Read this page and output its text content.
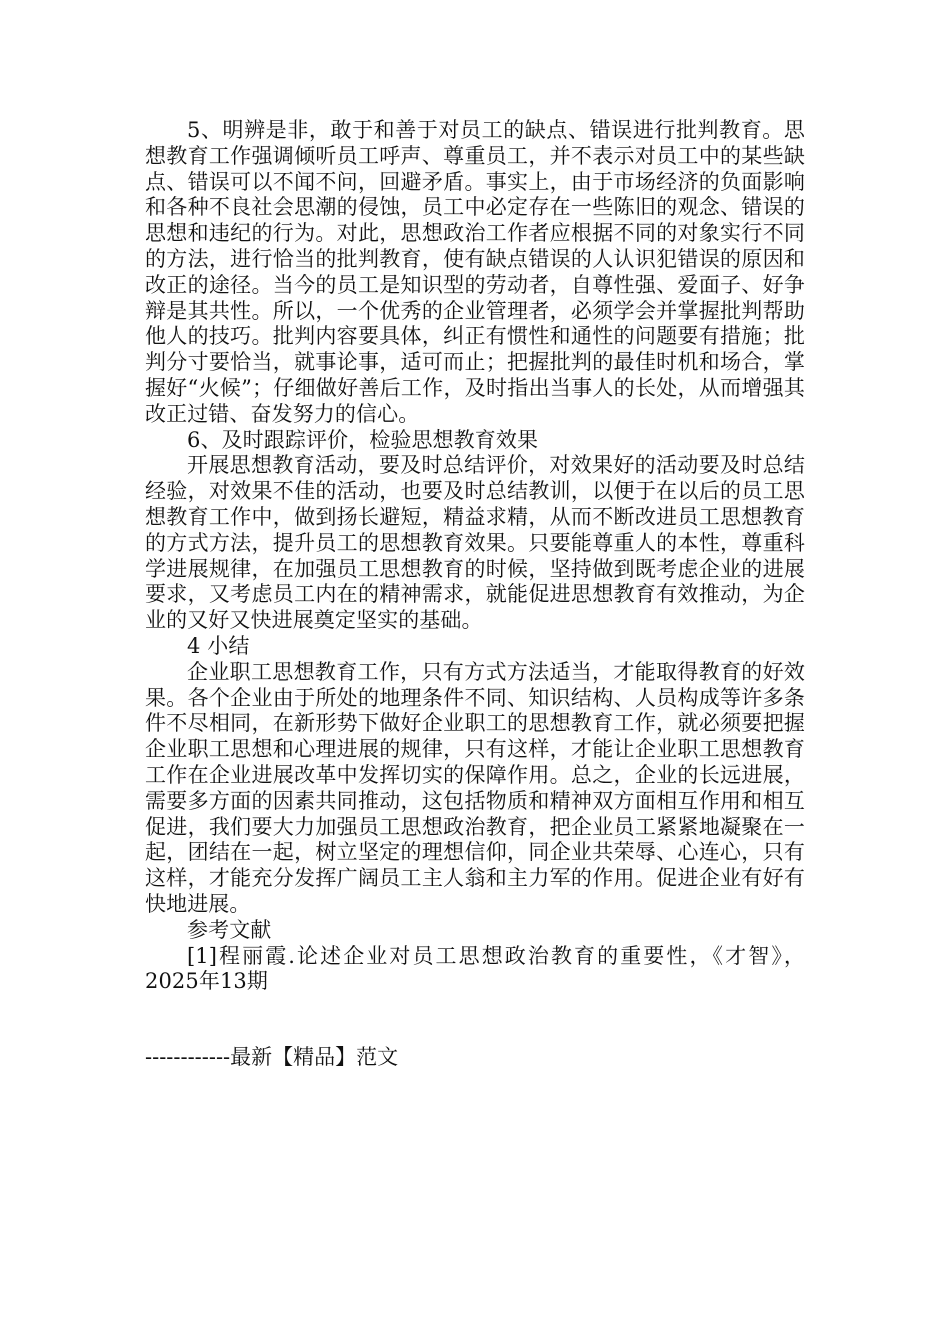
5、明辨是非，敢于和善于对员工的缺点、错误进行批判教育。思想教育工作强调倾听员工呼声、尊重员工，并不表示对员工中的某些缺点、错误可以不闻不问，回避矛盾。事实上，由于市场经济的负面影响和各种不良社会思潮的侵蚀，员工中必定存在一些陈旧的观念、错误的思想和违纪的行为。对此，思想政治工作者应根据不同的对象实行不同的方法，进行恰当的批判教育，使有缺点错误的人认识犯错误的原因和改正的途径。当今的员工是知识型的劳动者，自尊性强、爱面子、好争辩是其共性。所以，一个优秀的企业管理者，必须学会并掌握批判帮助他人的技巧。批判内容要具体，纠正有惯性和通性的问题要有措施；批判分寸要恰当，就事论事，适可而止；把握批判的最佳时机和场合，掌握好“火候”；仔细做好善后工作，及时指出当事人的长处，从而增强其改正过错、奋发努力的信心。

6、及时跟踪评价，检验思想教育效果

开展思想教育活动，要及时总结评价，对效果好的活动要及时总结经验，对效果不佳的活动，也要及时总结教训，以便于在以后的员工思想教育工作中，做到扬长避短，精益求精，从而不断改进员工思想教育的方式方法，提升员工的思想教育效果。只要能尊重人的本性，尊重科学进展规律，在加强员工思想教育的时候，坚持做到既考虑企业的进展要求，又考虑员工内在的精神需求，就能促进思想教育有效推动，为企业的又好又快进展奠定坚实的基础。

4 小结

企业职工思想教育工作，只有方式方法适当，才能取得教育的好效果。各个企业由于所处的地理条件不同、知识结构、人员构成等许多条件不尽相同，在新形势下做好企业职工的思想教育工作，就必须要把握企业职工思想和心理进展的规律，只有这样，才能让企业职工思想教育工作在企业进展改革中发挥切实的保障作用。总之，企业的长远进展，需要多方面的因素共同推动，这包括物质和精神双方面相互作用和相互促进，我们要大力加强员工思想政治教育，把企业员工紧紧地凝聚在一起，团结在一起，树立坚定的理想信仰，同企业共荣辱、心连心，只有这样，才能充分发挥广阔员工主人翁和主力军的作用。促进企业有好有快地进展。

参考文献

[1]程丽霞.论述企业对员工思想政治教育的重要性，《才智》，2025年13期

------------最新【精品】范文
